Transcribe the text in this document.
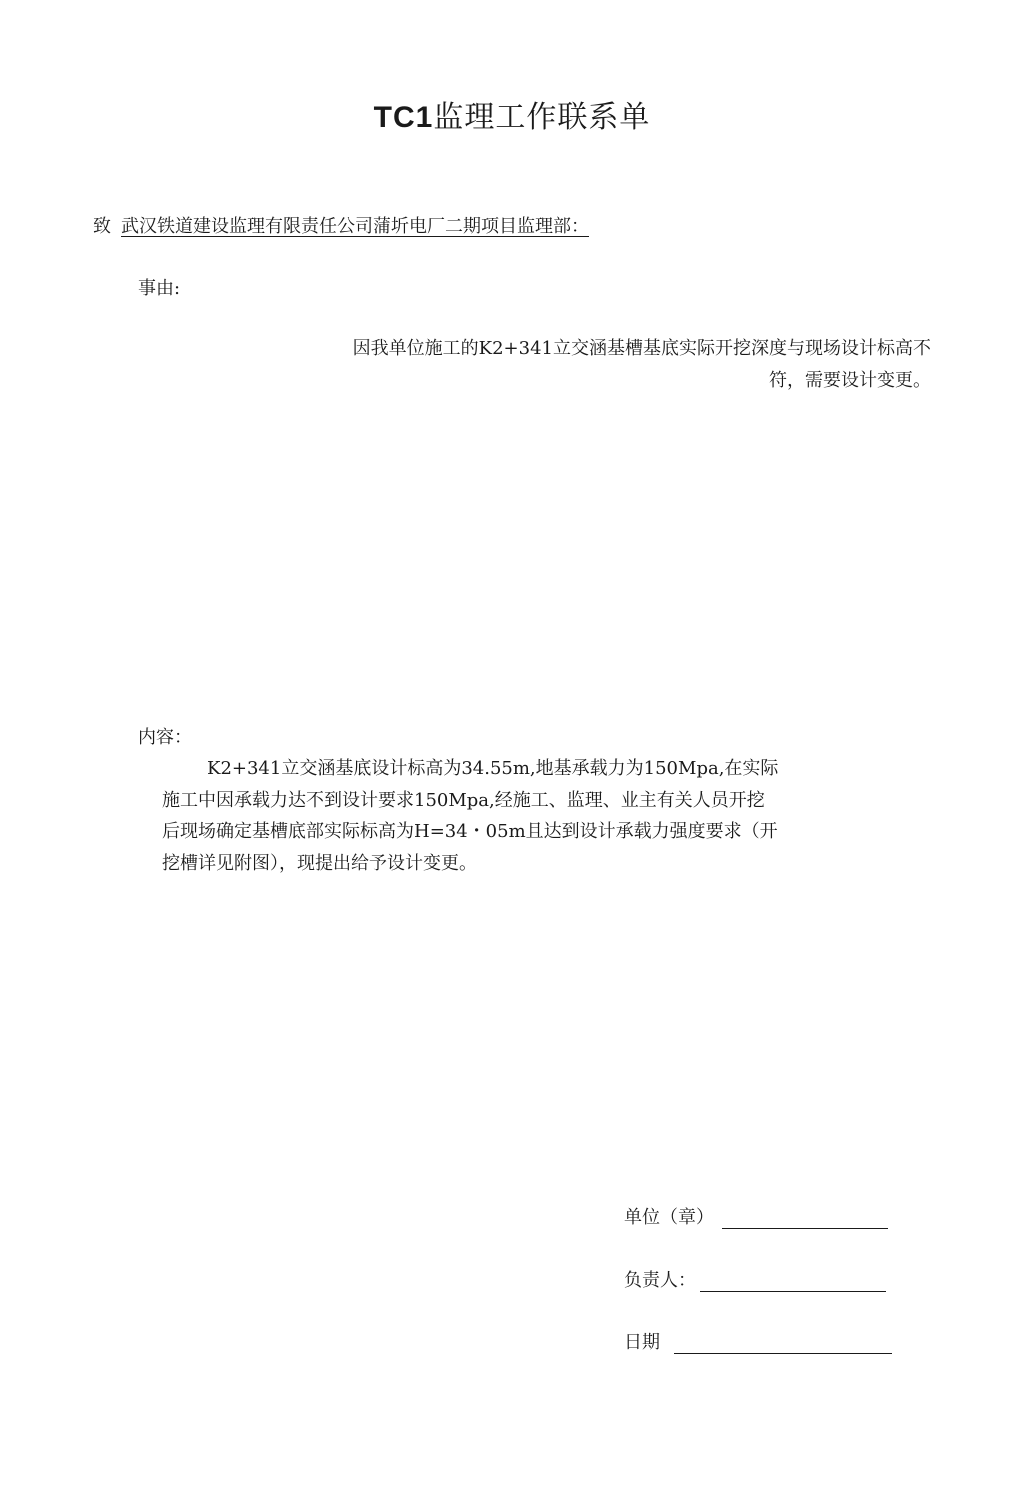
TC1监理工作联系单
致 武汉铁道建设监理有限责任公司蒲圻电厂二期项目监理部：
事由:
因我单位施工的K2+341立交涵基槽基底实际开挖深度与现场设计标高不
符，需要设计变更。
内容：
K2+341立交涵基底设计标高为34.55m,地基承载力为150Mpa,在实际
施工中因承载力达不到设计要求150Mpa,经施工、监理、业主有关人员开挖
后现场确定基槽底部实际标高为H=34・05m且达到设计承载力强度要求（开
挖槽详见附图），现提出给予设计变更。
单位（章）
负责人：
日期
